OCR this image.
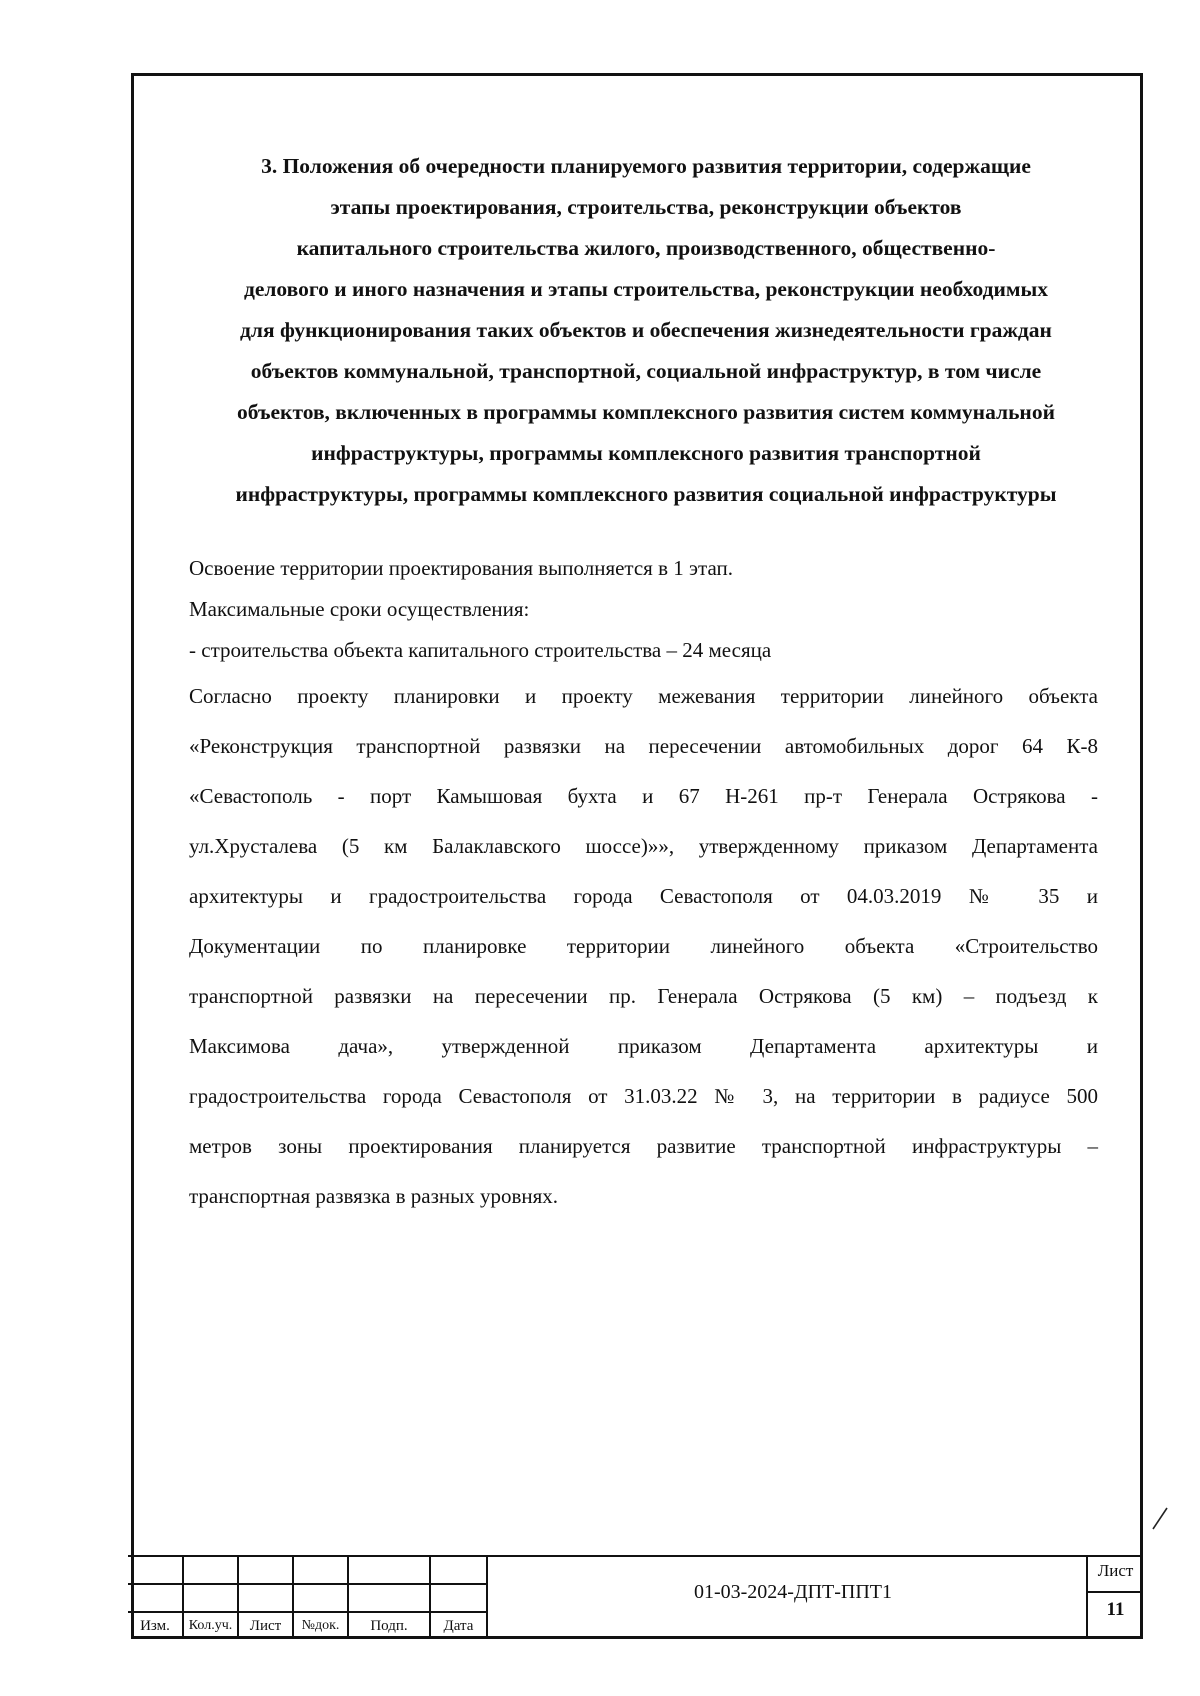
3. Положения об очередности планируемого развития территории, содержащие
этапы проектирования, строительства, реконструкции объектов
капитального строительства жилого, производственного, общественно-
делового и иного назначения и этапы строительства, реконструкции необходимых
для функционирования таких объектов и обеспечения жизнедеятельности граждан
объектов коммунальной, транспортной, социальной инфраструктур, в том числе
объектов, включенных в программы комплексного развития систем коммунальной
инфраструктуры, программы комплексного развития транспортной
инфраструктуры, программы комплексного развития социальной инфраструктуры
Освоение территории проектирования выполняется в 1 этап.
Максимальные сроки осуществления:
- строительства объекта капитального строительства – 24 месяца
Согласно проекту планировки и проекту межевания территории линейного объекта
«Реконструкция транспортной развязки на пересечении автомобильных дорог 64 К-8
«Севастополь - порт Камышовая бухта и 67 Н-261 пр-т Генерала Острякова -
ул.Хрусталева (5 км Балаклавского шоссе)»», утвержденному приказом Департамента
архитектуры и градостроительства города Севастополя от 04.03.2019 № 35 и
Документации по планировке территории линейного объекта «Строительство
транспортной развязки на пересечении пр. Генерала Острякова (5 км) – подъезд к
Максимова дача», утвержденной приказом Департамента архитектуры и
градостроительства города Севастополя от 31.03.22 № 3, на территории в радиусе 500
метров зоны проектирования планируется развитие транспортной инфраструктуры –
транспортная развязка в разных уровнях.
Изм.	Кол.уч.	Лист	№док.	Подп.	Дата
01-03-2024-ДПТ-ППТ1
Лист
11
